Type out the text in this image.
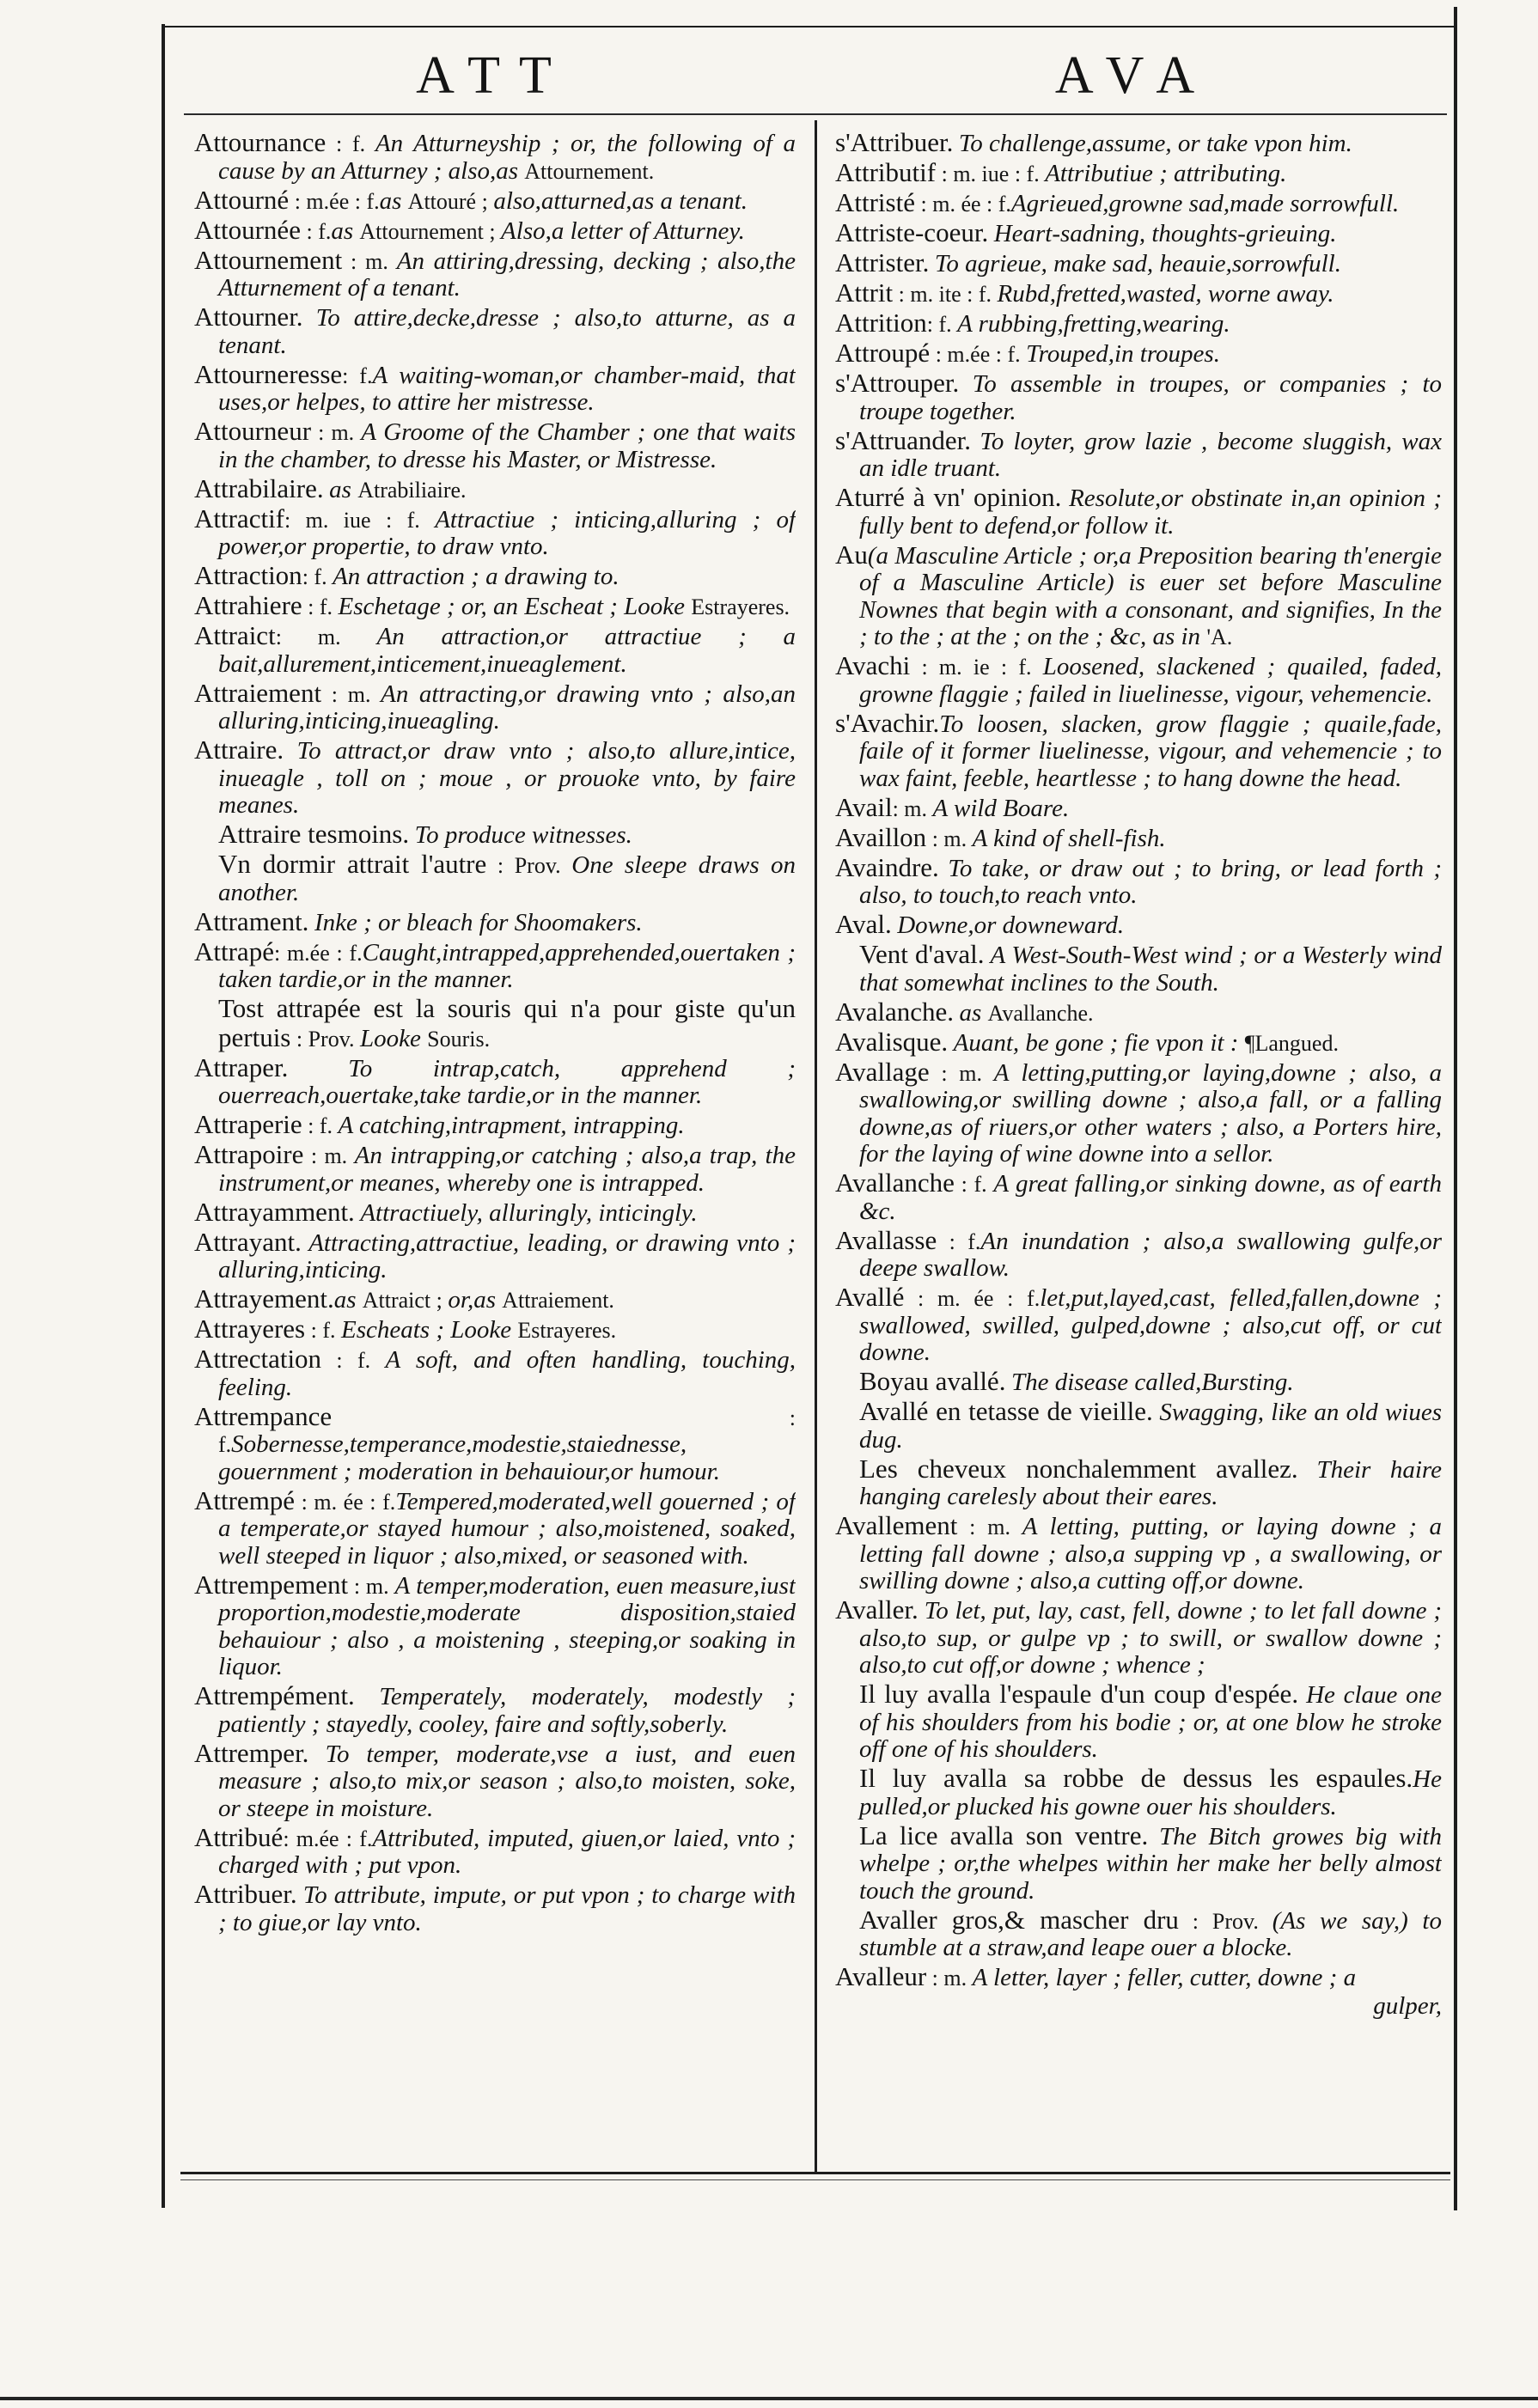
ATT	AVA

Attournance : f. An Atturneyship ; or, the following of a cause by an Atturney ; also,as Attournement.

Attourné : m.ée : f.as Attouré ; also,atturned,as a tenant.

Attournée : f.as Attournement ; Also,a letter of Atturney.

Attournement : m. An attiring,dressing, decking ; also,the Atturnement of a tenant.

Attourner. To attire,decke,dresse ; also,to atturne, as a tenant.

Attourneresse: f.A waiting-woman,or chamber-maid, that uses,or helpes, to attire her mistresse.

Attourneur : m. A Groome of the Chamber ; one that waits in the chamber, to dresse his Master, or Mistresse.

Attrabilaire. as Atrabiliaire.

Attractif: m. iue : f. Attractiue ; inticing,alluring ; of power,or propertie, to draw vnto.

Attraction: f. An attraction ; a drawing to.

Attrahiere : f. Eschetage ; or, an Escheat ; Looke Estrayeres.

Attraict: m. An attraction,or attractiue ; a bait,allurement,inticement,inueaglement.

Attraiement : m. An attracting,or drawing vnto ; also,an alluring,inticing,inueagling.

Attraire. To attract,or draw vnto ; also,to allure,intice, inueagle , toll on ; moue , or prouoke vnto, by faire meanes.

Attraire tesmoins. To produce witnesses.

Vn dormir attrait l'autre : Prov. One sleepe draws on another.

Attrament. Inke ; or bleach for Shoomakers.

Attrapé: m.ée : f.Caught,intrapped,apprehended,ouertaken ; taken tardie,or in the manner.

Tost attrapée est la souris qui n'a pour giste qu'un pertuis : Prov. Looke Souris.

Attraper. To intrap,catch, apprehend ; ouerreach,ouertake,take tardie,or in the manner.

Attraperie : f. A catching,intrapment, intrapping.

Attrapoire : m. An intrapping,or catching ; also,a trap, the instrument,or meanes, whereby one is intrapped.

Attrayamment. Attractiuely, alluringly, inticingly.

Attrayant. Attracting,attractiue, leading, or drawing vnto ; alluring,inticing.

Attrayement.as Attraict ; or,as Attraiement.

Attrayeres : f. Escheats ; Looke Estrayeres.

Attrectation : f. A soft, and often handling, touching, feeling.

Attrempance : f.Sobernesse,temperance,modestie,staiednesse, gouernment ; moderation in behauiour,or humour.

Attrempé : m. ée : f.Tempered,moderated,well gouerned ; of a temperate,or stayed humour ; also,moistened, soaked, well steeped in liquor ; also,mixed, or seasoned with.

Attrempement : m. A temper,moderation, euen measure,iust proportion,modestie,moderate disposition,staied behauiour ; also , a moistening , steeping,or soaking in liquor.

Attrempément. Temperately, moderately, modestly ; patiently ; stayedly, cooley, faire and softly,soberly.

Attremper. To temper, moderate,vse a iust, and euen measure ; also,to mix,or season ; also,to moisten, soke, or steepe in moisture.

Attribué: m.ée : f.Attributed, imputed, giuen,or laied, vnto ; charged with ; put vpon.

Attribuer. To attribute, impute, or put vpon ; to charge with ; to giue,or lay vnto.

s'Attribuer. To challenge,assume, or take vpon him.

Attributif : m. iue : f. Attributiue ; attributing.

Attristé : m. ée : f.Agrieued,growne sad,made sorrowfull.

Attriste-coeur. Heart-sadning, thoughts-grieuing.

Attrister. To agrieue, make sad, heauie,sorrowfull.

Attrit : m. ite : f. Rubd,fretted,wasted, worne away.

Attrition: f. A rubbing,fretting,wearing.

Attroupé : m.ée : f. Trouped,in troupes.

s'Attrouper. To assemble in troupes, or companies ; to troupe together.

s'Attruander. To loyter, grow lazie , become sluggish, wax an idle truant.

Aturré à vn' opinion. Resolute,or obstinate in,an opinion ; fully bent to defend,or follow it.

Au(a Masculine Article ; or,a Preposition bearing th'energie of a Masculine Article) is euer set before Masculine Nownes that begin with a consonant, and signifies, In the ; to the ; at the ; on the ; &c, as in 'A.

Avachi : m. ie : f. Loosened, slackened ; quailed, faded, growne flaggie ; failed in liuelinesse, vigour, vehemencie.

s'Avachir.To loosen, slacken, grow flaggie ; quaile,fade, faile of it former liuelinesse, vigour, and vehemencie ; to wax faint, feeble, heartlesse ; to hang downe the head.

Avail: m. A wild Boare.

Availlon : m. A kind of shell-fish.

Avaindre. To take, or draw out ; to bring, or lead forth ; also, to touch,to reach vnto.

Aval. Downe,or downeward.

Vent d'aval. A West-South-West wind ; or a Westerly wind that somewhat inclines to the South.

Avalanche. as Avallanche.

Avalisque. Auant, be gone ; fie vpon it : ¶Langued.

Avallage : m. A letting,putting,or laying,downe ; also, a swallowing,or swilling downe ; also,a fall, or a falling downe,as of riuers,or other waters ; also, a Porters hire, for the laying of wine downe into a sellor.

Avallanche : f. A great falling,or sinking downe, as of earth &c.

Avallasse : f.An inundation ; also,a swallowing gulfe,or deepe swallow.

Avallé : m. ée : f.let,put,layed,cast, felled,fallen,downe ; swallowed, swilled, gulped,downe ; also,cut off, or cut downe.

Boyau avallé. The disease called,Bursting.

Avallé en tetasse de vieille. Swagging, like an old wiues dug.

Les cheveux nonchalemment avallez. Their haire hanging carelesly about their eares.

Avallement : m. A letting, putting, or laying downe ; a letting fall downe ; also,a supping vp , a swallowing, or swilling downe ; also,a cutting off,or downe.

Avaller. To let, put, lay, cast, fell, downe ; to let fall downe ; also,to sup, or gulpe vp ; to swill, or swallow downe ; also,to cut off,or downe ; whence ;

Il luy avalla l'espaule d'un coup d'espée. He claue one of his shoulders from his bodie ; or, at one blow he stroke off one of his shoulders.

Il luy avalla sa robbe de dessus les espaules.He pulled,or plucked his gowne ouer his shoulders.

La lice avalla son ventre. The Bitch growes big with whelpe ; or,the whelpes within her make her belly almost touch the ground.

Avaller gros,& mascher dru : Prov. (As we say,) to stumble at a straw,and leape ouer a blocke.

Avalleur : m. A letter, layer ; feller, cutter, downe ; a

gulper,
